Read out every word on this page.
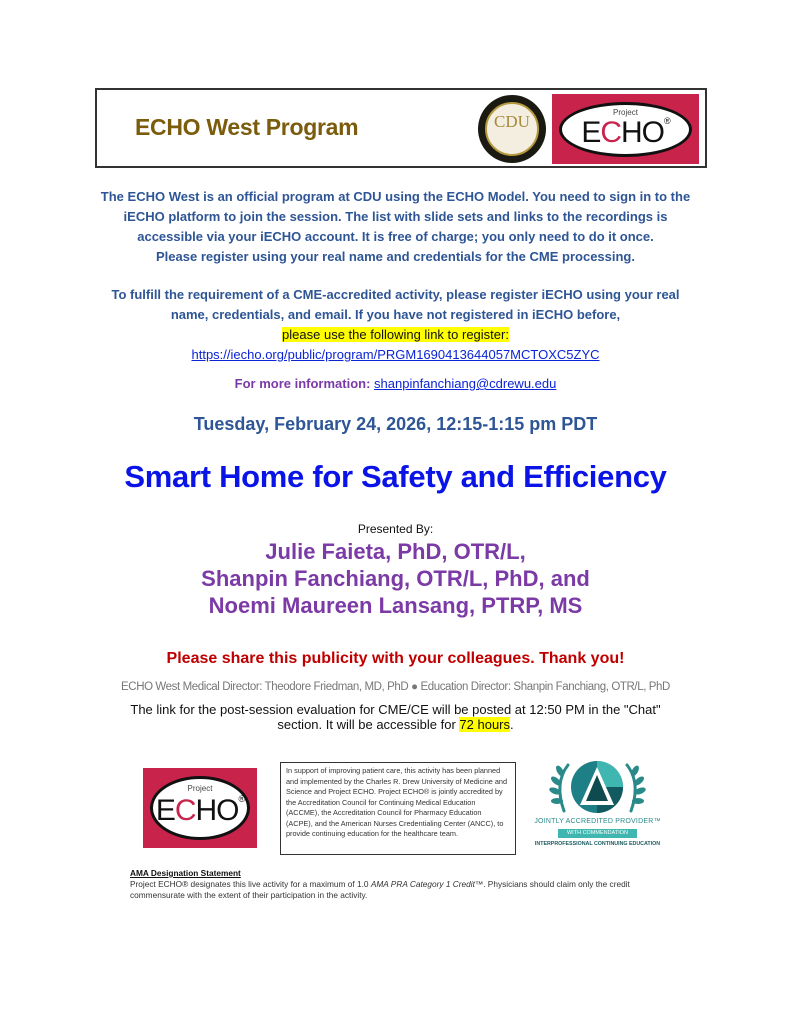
ECHO West Program	CDU	Project
ECHO®
The ECHO West is an official program at CDU using the ECHO Model. You need to sign in to the
iECHO platform to join the session. The list with slide sets and links to the recordings is
accessible via your iECHO account. It is free of charge; you only need to do it once.
Please register using your real name and credentials for the CME processing.
To fulfill the requirement of a CME-accredited activity, please register iECHO using your real
name, credentials, and email. If you have not registered in iECHO before,
please use the following link to register:
https://iecho.org/public/program/PRGM1690413644057MCTOXC5ZYC
For more information: shanpinfanchiang@cdrewu.edu
Tuesday, February 24, 2026, 12:15-1:15 pm PDT
Smart Home for Safety and Efficiency
Presented By:
Julie Faieta, PhD, OTR/L,
Shanpin Fanchiang, OTR/L, PhD, and
Noemi Maureen Lansang, PTRP, MS
Please share this publicity with your colleagues. Thank you!
ECHO West Medical Director: Theodore Friedman, MD, PhD ● Education Director: Shanpin Fanchiang, OTR/L, PhD
The link for the post-session evaluation for CME/CE will be posted at 12:50 PM in the "Chat"
section. It will be accessible for 72 hours.
Project
ECHO®
In support of improving patient care, this activity has been planned and implemented by the Charles R. Drew University of Medicine and Science and Project ECHO. Project ECHO® is jointly accredited by the Accreditation Council for Continuing Medical Education (ACCME), the Accreditation Council for Pharmacy Education (ACPE), and the American Nurses Credentialing Center (ANCC), to provide continuing education for the healthcare team.
JOINTLY ACCREDITED PROVIDER™
WITH COMMENDATION
INTERPROFESSIONAL CONTINUING EDUCATION
AMA Designation Statement
Project ECHO® designates this live activity for a maximum of 1.0 AMA PRA Category 1 Credit™. Physicians should claim only the credit commensurate with the extent of their participation in the activity.
